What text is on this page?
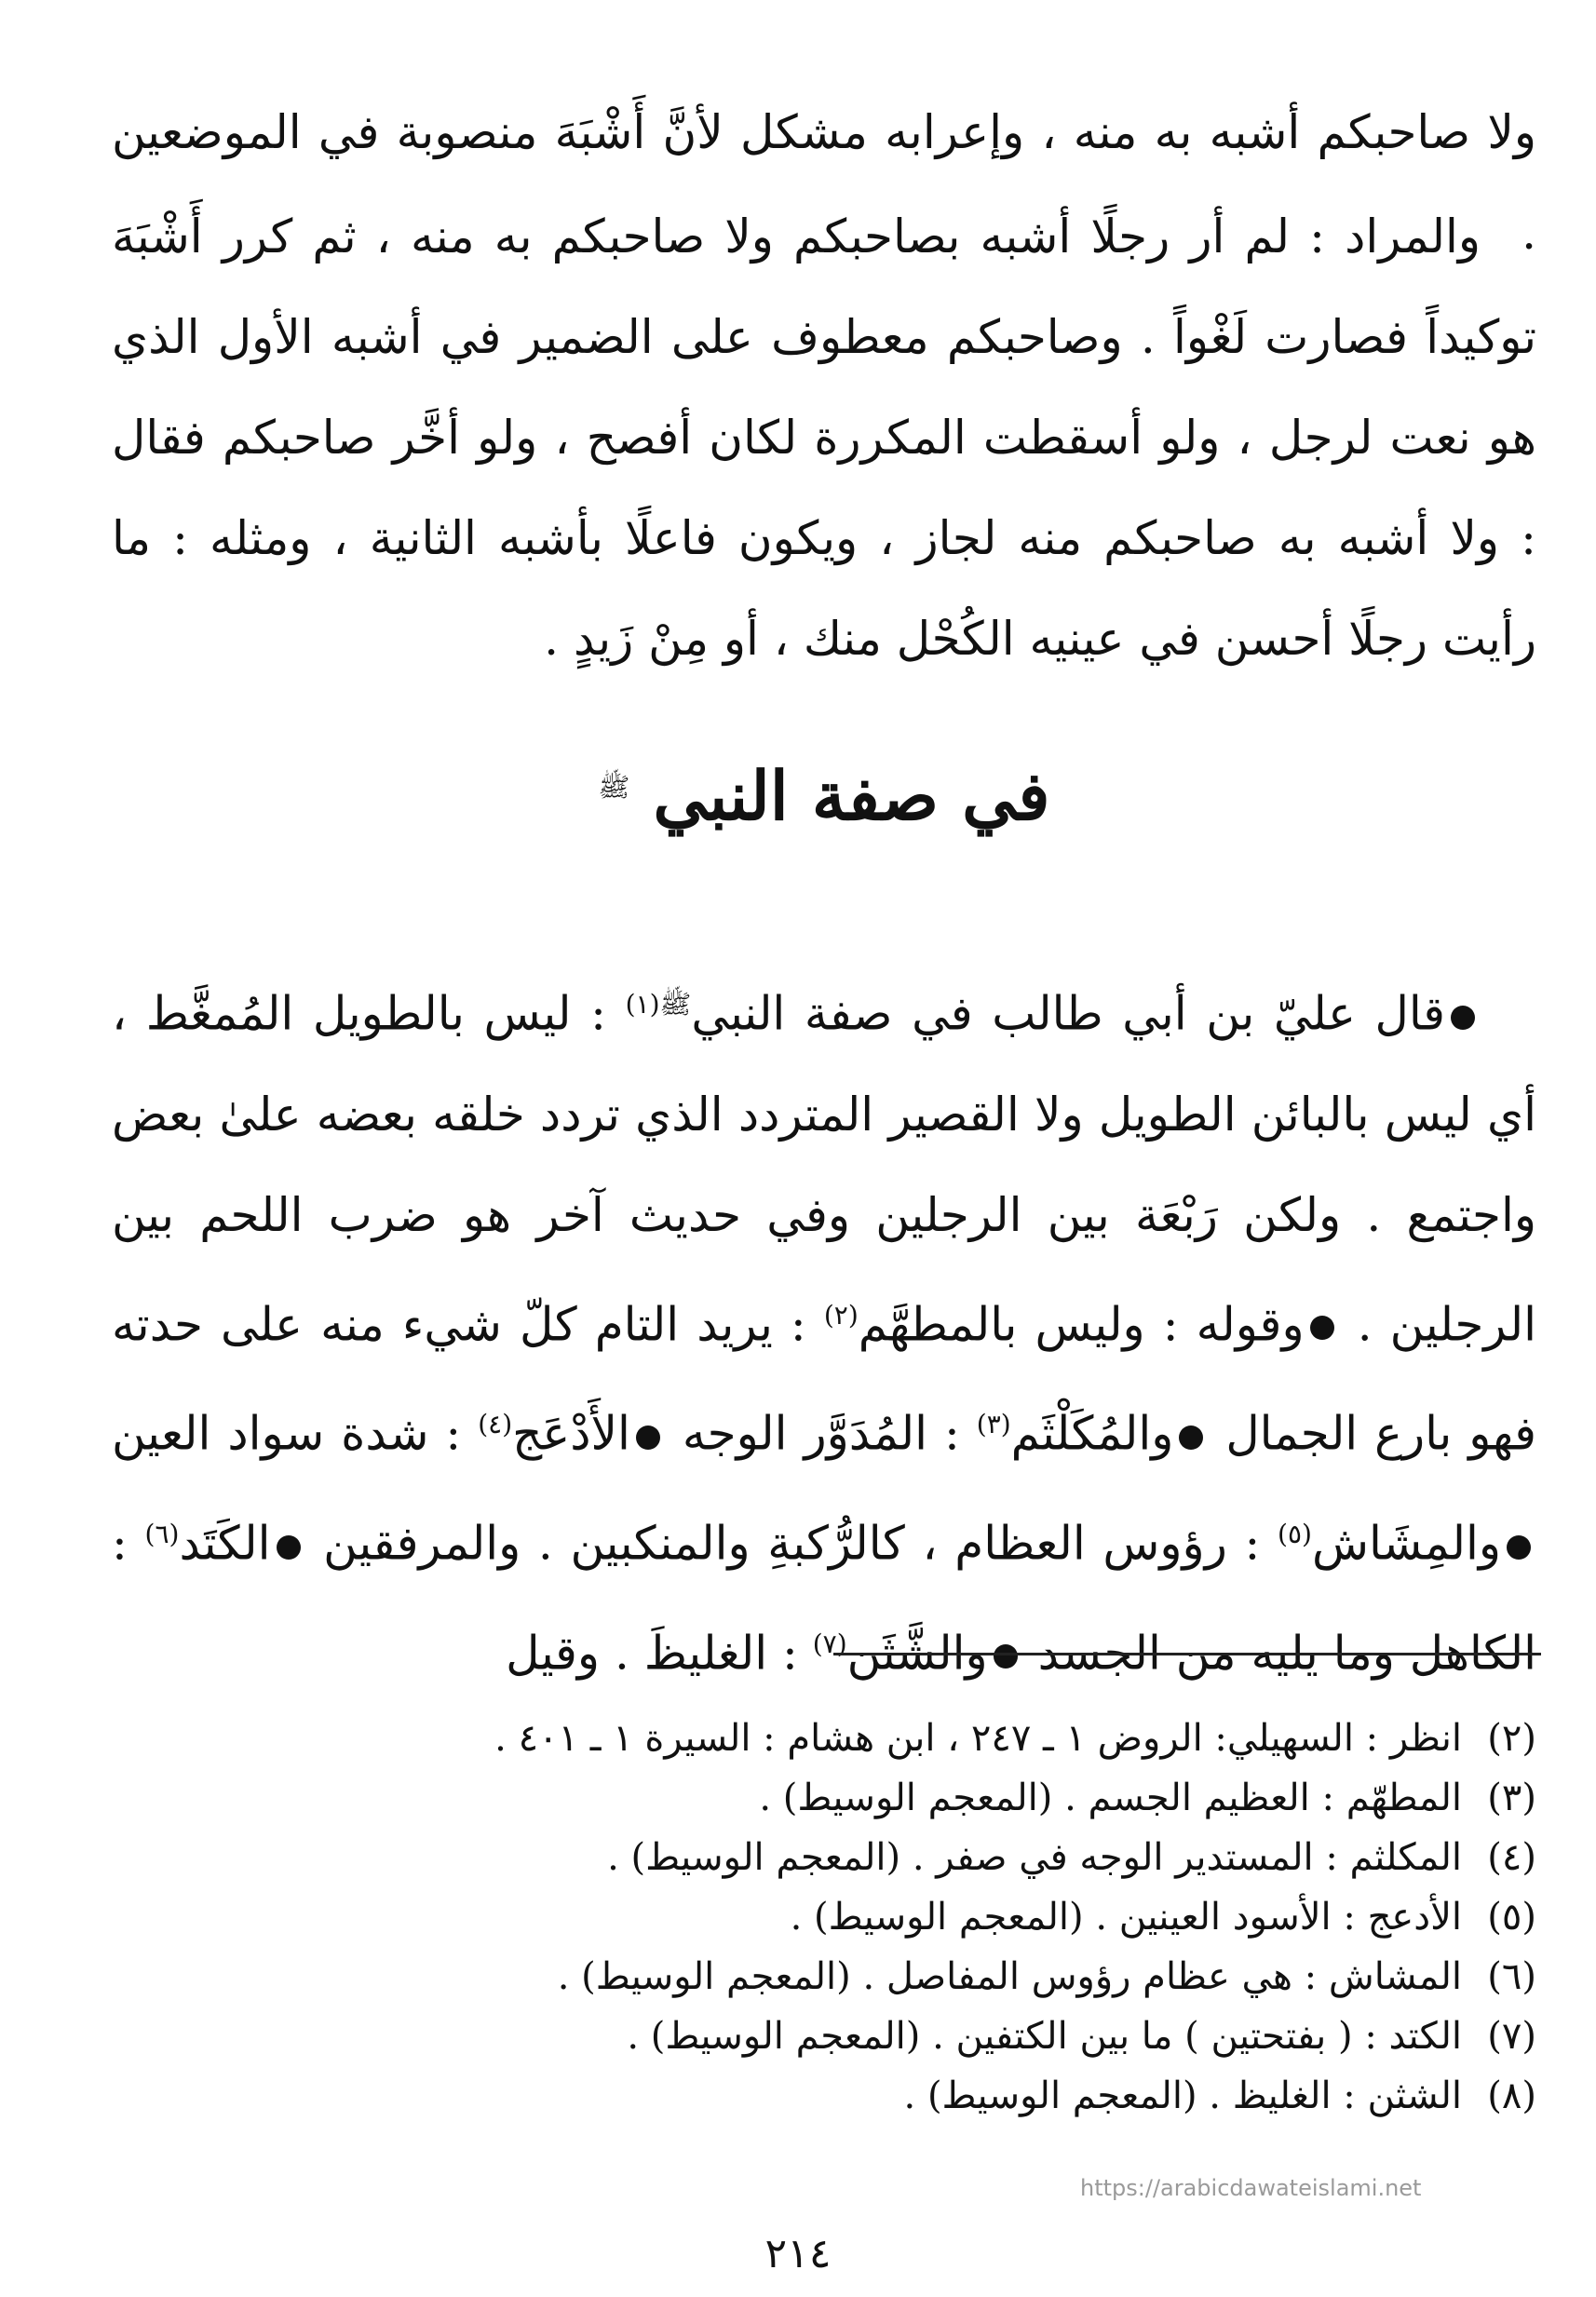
ولا صاحبكم أشبه به منه ، وإعرابه مشكل لأنَّ أَشْبَهَ منصوبة في الموضعين .

والمراد : لم أر رجلًا أشبه بصاحبكم ولا صاحبكم به منه ، ثم كرر أَشْبَهَ توكيداً فصارت لَغْواً . وصاحبكم معطوف على الضمير في أشبه الأول الذي هو نعت لرجل ، ولو أسقطت المكررة لكان أفصح ، ولو أخَّر صاحبكم فقال : ولا أشبه به صاحبكم منه لجاز ، ويكون فاعلًا بأشبه الثانية ، ومثله : ما رأيت رجلًا أحسن في عينيه الكُحْل منك ، أو مِنْ زَيدٍ .

في صفة النبي $^ﷺ$

قال عليّ بن أبي طالب في صفة النبي$^{ﷺ(١)}$ : ليس بالطويل المُمغَّط ، أي ليس بالبائن الطويل ولا القصير المتردد الذي تردد خلقه بعضه علىٰ بعض واجتمع . ولكن رَبْعَة بين الرجلين وفي حديث آخر هو ضرب اللحم بين الرجلين . وقوله : وليس بالمطهَّم$^{(٢)}$ : يريد التام كلّ شيء منه على حدته فهو بارع الجمال والمُكَلْثَم$^{(٣)}$ : المُدَوَّر الوجه الأَدْعَج$^{(٤)}$ : شدة سواد العين والمِشَاش$^{(٥)}$ : رؤوس العظام ، كالرُّكبةِ والمنكبين . والمرفقين الكَتَد$^{(٦)}$ : الكاهل وما يليه من الجسد والشَّثَن$^{(٧)}$ : الغليظَ . وقيل

(٢)
انظر : السهيلي: الروض ١ ـ ٢٤٧ ، ابن هشام : السيرة ١ ـ ٤٠١ .
(٣)
المطهّم : العظيم الجسم . (المعجم الوسيط) .
(٤)
المكلثم : المستدير الوجه في صفر . (المعجم الوسيط) .
(٥)
الأدعج : الأسود العينين . (المعجم الوسيط) .
(٦)
المشاش : هي عظام رؤوس المفاصل . (المعجم الوسيط) .
(٧)
الكتد : ( بفتحتين ) ما بين الكتفين . (المعجم الوسيط) .
(٨)
الشثن : الغليظ . (المعجم الوسيط) .
https://arabicdawateislami.net
٢١٤
